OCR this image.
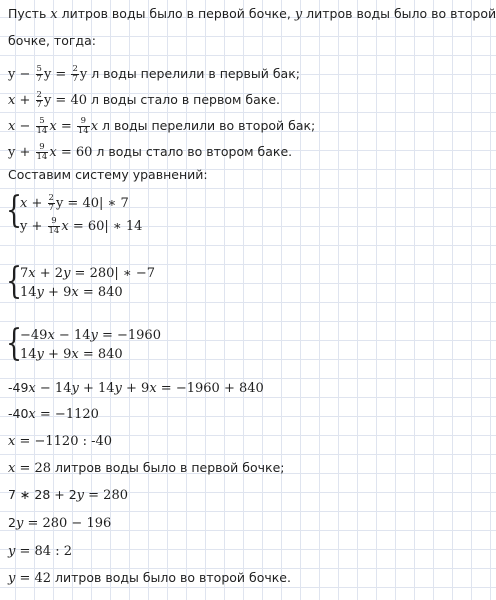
Пусть x литров воды было в первой бочке, y литров воды было во второй
бочке, тогда:
$y - \frac{5}{7}$ $y = \frac{2}{7}$ y л воды перелили в первый бак;
$x + \frac{2}{7}$ y = 40 л воды стало в первом баке.
$x - \frac{5}{14}$ $x = \frac{9}{14}$ x л воды перелили во второй бак;
$y + \frac{9}{14}$ x = 60 л воды стало во втором баке.
Составим систему уравнений:
{
$x + \frac{2}{7}$ y = 40| ∗ 7
$y + \frac{9}{14}$ x = 60| ∗ 14
{
7x + 2y = 280| ∗ −7
14y + 9x = 840
{
−49x − 14y = −1960
14y + 9x = 840
-49x − 14y + 14y + 9x = −1960 + 840
-40x = −1120
x = −1120 : -40
x = 28 литров воды было в первой бочке;
7 ∗ 28 + 2y = 280
2y = 280 − 196
y = 84 : 2
y = 42 литров воды было во второй бочке.
